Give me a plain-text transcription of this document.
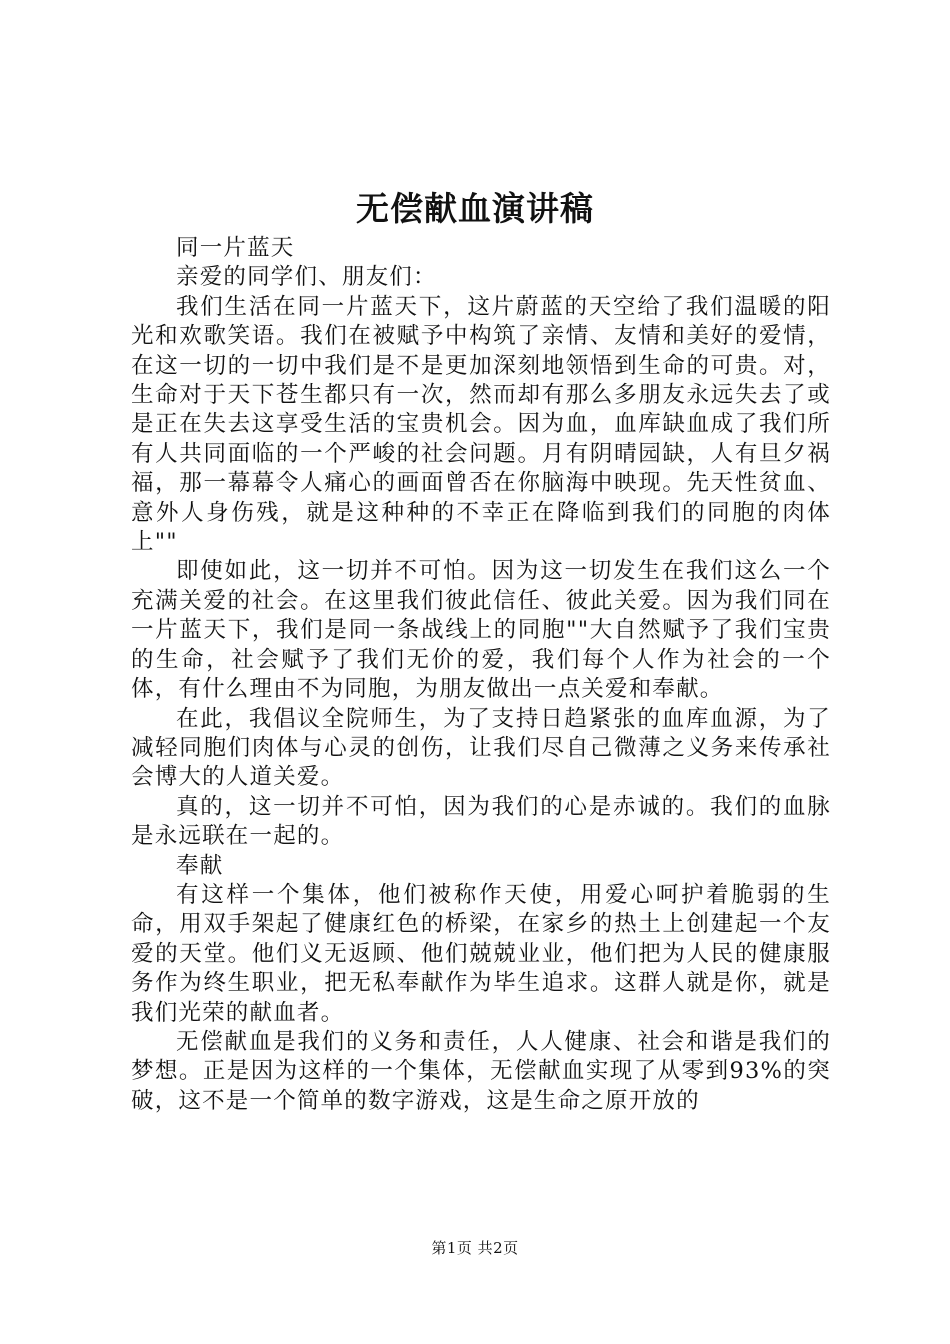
无偿献血演讲稿

同一片蓝天

亲爱的同学们、朋友们：

我们生活在同一片蓝天下，这片蔚蓝的天空给了我们温暖的阳光和欢歌笑语。我们在被赋予中构筑了亲情、友情和美好的爱情，在这一切的一切中我们是不是更加深刻地领悟到生命的可贵。对，生命对于天下苍生都只有一次，然而却有那么多朋友永远失去了或是正在失去这享受生活的宝贵机会。因为血，血库缺血成了我们所有人共同面临的一个严峻的社会问题。月有阴晴园缺，人有旦夕祸福，那一幕幕令人痛心的画面曾否在你脑海中映现。先天性贫血、意外人身伤残，就是这种种的不幸正在降临到我们的同胞的肉体上""

即使如此，这一切并不可怕。因为这一切发生在我们这么一个充满关爱的社会。在这里我们彼此信任、彼此关爱。因为我们同在一片蓝天下，我们是同一条战线上的同胞""大自然赋予了我们宝贵的生命，社会赋予了我们无价的爱，我们每个人作为社会的一个体，有什么理由不为同胞，为朋友做出一点关爱和奉献。

在此，我倡议全院师生，为了支持日趋紧张的血库血源，为了减轻同胞们肉体与心灵的创伤，让我们尽自己微薄之义务来传承社会博大的人道关爱。

真的，这一切并不可怕，因为我们的心是赤诚的。我们的血脉是永远联在一起的。

奉献

有这样一个集体，他们被称作天使，用爱心呵护着脆弱的生命，用双手架起了健康红色的桥梁，在家乡的热土上创建起一个友爱的天堂。他们义无返顾、他们兢兢业业，他们把为人民的健康服务作为终生职业，把无私奉献作为毕生追求。这群人就是你，就是我们光荣的献血者。

无偿献血是我们的义务和责任，人人健康、社会和谐是我们的梦想。正是因为这样的一个集体，无偿献血实现了从零到93%的突破，这不是一个简单的数字游戏，这是生命之原开放的

第1页 共2页
